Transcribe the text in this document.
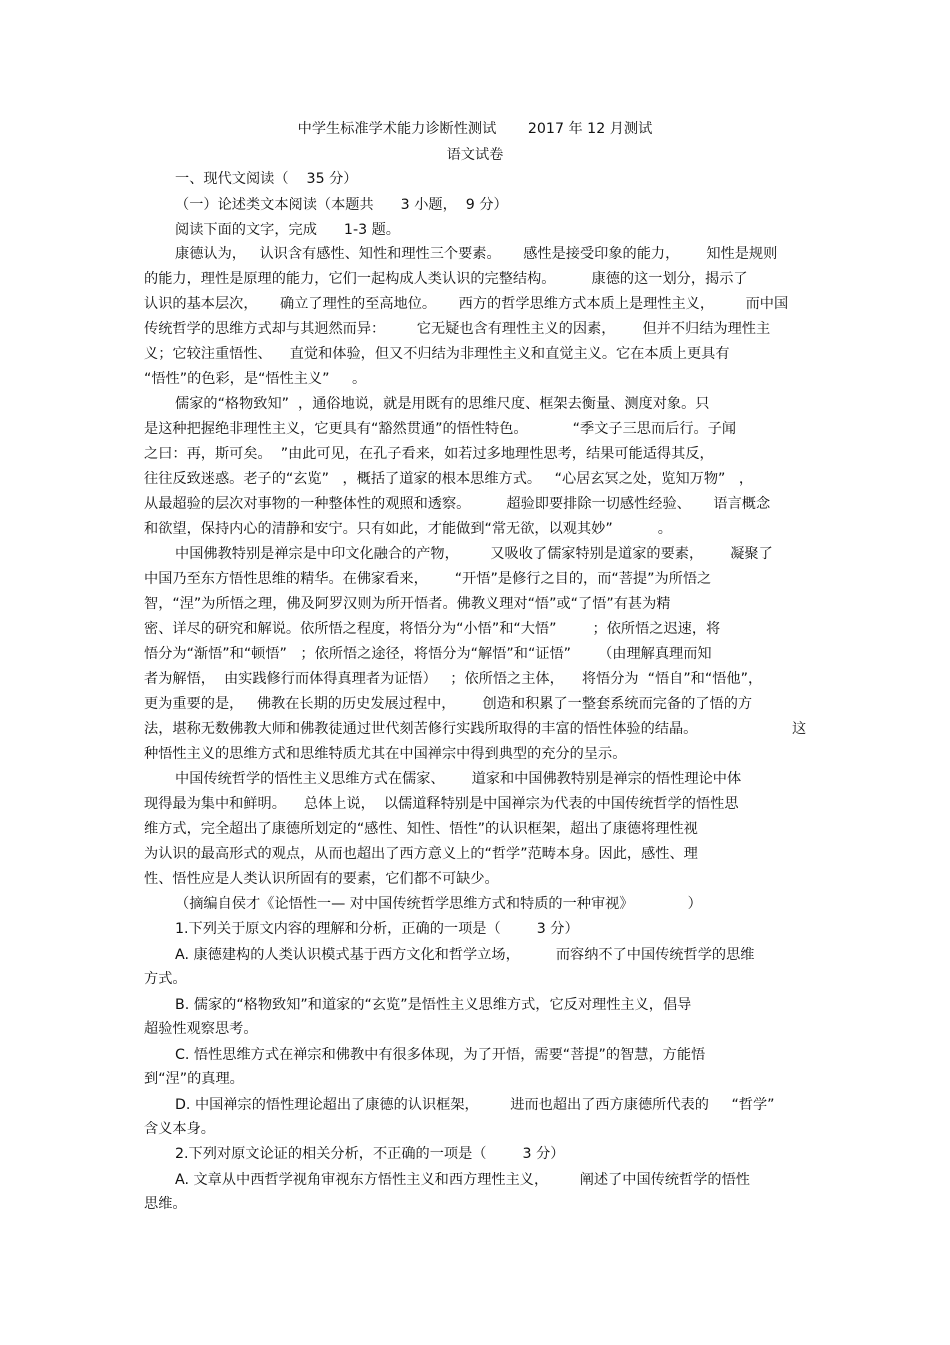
中学生标准学术能力诊断性测试       2017 年 12 月测试
语文试卷
一、现代文阅读（    35 分）
（一）论述类文本阅读（本题共      3 小题，  9 分）
阅读下面的文字，完成      1-3 题。
康德认为，   认识含有感性、知性和理性三个要素。     感性是接受印象的能力，      知性是规则
的能力，理性是原理的能力，它们一起构成人类认识的完整结构。        康德的这一划分，揭示了
认识的基本层次，     确立了理性的至高地位。     西方的哲学思维方式本质上是理性主义，       而中国
传统哲学的思维方式却与其迥然而异：       它无疑也含有理性主义的因素，      但并不归结为理性主
义；它较注重悟性、    直觉和体验，但又不归结为非理性主义和直觉主义。它在本质上更具有
“悟性”的色彩，是“悟性主义”     。
儒家的“格物致知”  ，通俗地说，就是用既有的思维尺度、框架去衡量、测度对象。只
是这种把握绝非理性主义，它更具有“豁然贯通”的悟性特色。          “季文子三思而后行。子闻
之曰：再，斯可矣。  ”由此可见，在孔子看来，如若过多地理性思考，结果可能适得其反，
往往反致迷惑。老子的“玄览”   ，概括了道家的根本思维方式。   “心居玄冥之处，览知万物”   ，
从最超验的层次对事物的一种整体性的观照和透察。        超验即要排除一切感性经验、     语言概念
和欲望，保持内心的清静和安宁。只有如此，才能做到“常无欲，以观其妙”          。
中国佛教特别是禅宗是中印文化融合的产物，       又吸收了儒家特别是道家的要素，      凝聚了
中国乃至东方悟性思维的精华。在佛家看来，      “开悟”是修行之目的，而“菩提”为所悟之
智，“涅”为所悟之理，佛及阿罗汉则为所开悟者。佛教义理对“悟”或“了悟”有甚为精
密、详尽的研究和解说。依所悟之程度，将悟分为“小悟”和“大悟”        ；依所悟之迟速，将
悟分为“渐悟”和“顿悟”   ；依所悟之途径，将悟分为“解悟”和“证悟”      （由理解真理而知
者为解悟，  由实践修行而体得真理者为证悟）   ；依所悟之主体，    将悟分为  “悟自”和“悟他”，
更为重要的是，   佛教在长期的历史发展过程中，      创造和积累了一整套系统而完备的了悟的方
法，堪称无数佛教大师和佛教徒通过世代刻苦修行实践所取得的丰富的悟性体验的结晶。	这
种悟性主义的思维方式和思维特质尤其在中国禅宗中得到典型的充分的呈示。
中国传统哲学的悟性主义思维方式在儒家、      道家和中国佛教特别是禅宗的悟性理论中体
现得最为集中和鲜明。    总体上说，  以儒道释特别是中国禅宗为代表的中国传统哲学的悟性思
维方式，完全超出了康德所划定的“感性、知性、悟性”的认识框架，超出了康德将理性视
为认识的最高形式的观点，从而也超出了西方意义上的“哲学”范畴本身。因此，感性、理
性、悟性应是人类认识所固有的要素，它们都不可缺少。
（摘编自侯才《论悟性一— 对中国传统哲学思维方式和特质的一种审视》            ）
1.下列关于原文内容的理解和分析，正确的一项是（        3 分）
A. 康德建构的人类认识模式基于西方文化和哲学立场，        而容纳不了中国传统哲学的思维
方式。
B. 儒家的“格物致知”和道家的“玄览”是悟性主义思维方式，它反对理性主义，倡导
超验性观察思考。
C. 悟性思维方式在禅宗和佛教中有很多体现，为了开悟，需要“菩提”的智慧，方能悟
到“涅”的真理。
D. 中国禅宗的悟性理论超出了康德的认识框架，       进而也超出了西方康德所代表的     “哲学”
含义本身。
2.下列对原文论证的相关分析，不正确的一项是（        3 分）
A. 文章从中西哲学视角审视东方悟性主义和西方理性主义，       阐述了中国传统哲学的悟性
思维。
